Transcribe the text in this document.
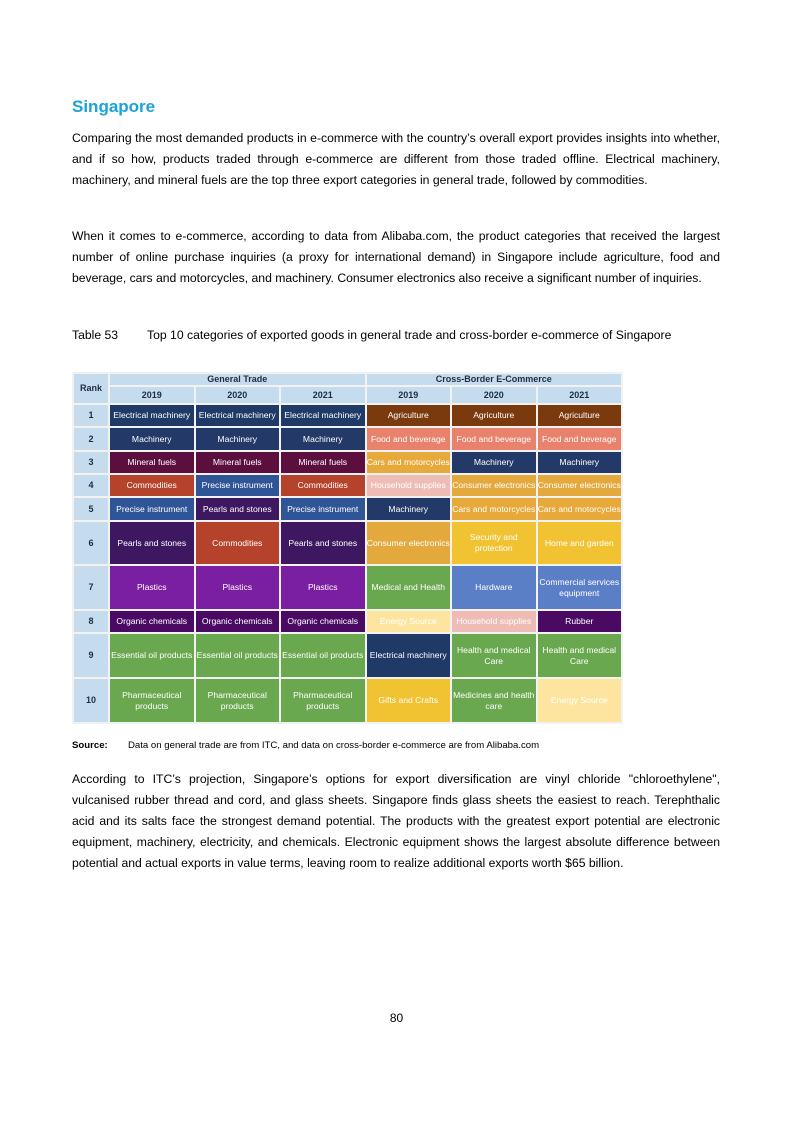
Singapore

Comparing the most demanded products in e-commerce with the country’s overall export provides insights into whether, and if so how, products traded through e-commerce are different from those traded offline. Electrical machinery, machinery, and mineral fuels are the top three export categories in general trade, followed by commodities.

When it comes to e-commerce, according to data from Alibaba.com, the product categories that received the largest number of online purchase inquiries (a proxy for international demand) in Singapore include agriculture, food and beverage, cars and motorcycles, and machinery. Consumer electronics also receive a significant number of inquiries.

Table 53 Top 10 categories of exported goods in general trade and cross-border e-commerce of Singapore
Rank	General Trade			Cross-Border E-Commerce		
	2019	2020	2021	2019	2020	2021
1	Electrical machinery	Electrical machinery	Electrical machinery	Agriculture	Agriculture	Agriculture
2	Machinery	Machinery	Machinery	Food and beverage	Food and beverage	Food and beverage
3	Mineral fuels	Mineral fuels	Mineral fuels	Cars and motorcycles	Machinery	Machinery
4	Commodities	Precise instrument	Commodities	Household supplies	Consumer electronics	Consumer electronics
5	Precise instrument	Pearls and stones	Precise instrument	Machinery	Cars and motorcycles	Cars and motorcycles
6	Pearls and stones	Commodities	Pearls and stones	Consumer electronics	Security and protection	Home and garden
7	Plastics	Plastics	Plastics	Medical and Health	Hardware	Commercial services equipment
8	Organic chemicals	Organic chemicals	Organic chemicals	Energy Source	Household supplies	Rubber
9	Essential oil products	Essential oil products	Essential oil products	Electrical machinery	Health and medical Care	Health and medical Care
10	Pharmaceutical products	Pharmaceutical products	Pharmaceutical products	Gifts and Crafts	Medicines and health care	Energy Source
Source: Data on general trade are from ITC, and data on cross-border e-commerce are from Alibaba.com

According to ITC’s projection, Singapore’s options for export diversification are vinyl chloride "chloroethylene", vulcanised rubber thread and cord, and glass sheets. Singapore finds glass sheets the easiest to reach. Terephthalic acid and its salts face the strongest demand potential. The products with the greatest export potential are electronic equipment, machinery, electricity, and chemicals. Electronic equipment shows the largest absolute difference between potential and actual exports in value terms, leaving room to realize additional exports worth $65 billion.

80
